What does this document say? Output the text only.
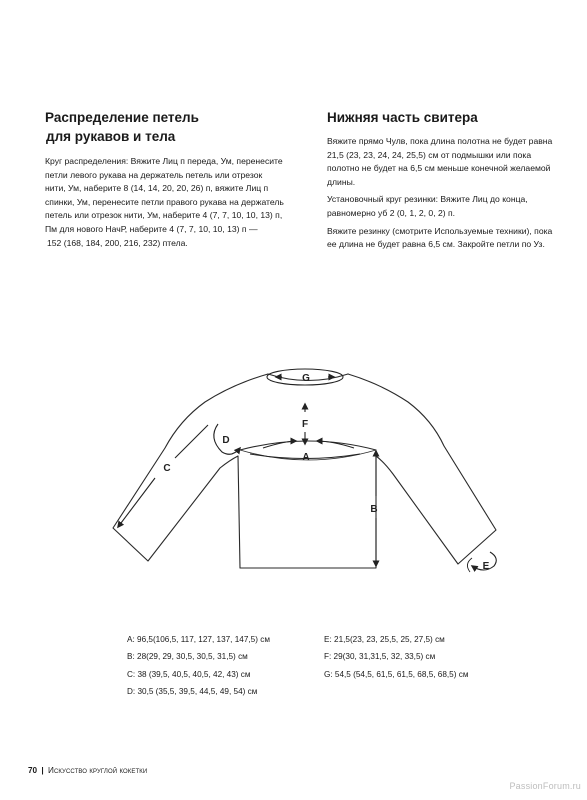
Распределение петель
для рукавов и тела

Круг распределения: Вяжите Лиц п переда, Ум, перенесите петли левого рукава на держатель петель или отрезок нити, Ум, наберите 8 (14, 14, 20, 20, 26) п, вяжите Лиц п спинки, Ум, перенесите петли правого рукава на держатель петель или отрезок нити, Ум, наберите 4 (7, 7, 10, 10, 13) п, Пм для нового НачР, наберите 4 (7, 7, 10, 10, 13) п —
152 (168, 184, 200, 216, 232) птела.

Нижняя часть свитера

Вяжите прямо Чулв, пока длина полотна не будет равна 21,5 (23, 23, 24, 24, 25,5) см от подмышки или пока полотно не будет на 6,5 см меньше конечной желаемой длины.

Установочный круг резинки: Вяжите Лиц до конца, равномерно уб 2 (0, 1, 2, 0, 2) п.

Вяжите резинку (смотрите Используемые техники), пока ее длина не будет равна 6,5 см. Закройте петли по Уз.

G
F
A
D
C
B
E
A: 96,5(106,5, 117, 127, 137, 147,5) см
B: 28(29, 29, 30,5, 30,5, 31,5) см
C: 38 (39,5, 40,5, 40,5, 42, 43) см
D: 30,5 (35,5, 39,5, 44,5, 49, 54) см
E: 21,5(23, 23, 25,5, 25, 27,5) см
F: 29(30, 31,31,5, 32, 33,5) см
G: 54,5 (54,5, 61,5, 61,5, 68,5, 68,5) см
70 | Искусство круглой кокетки
PassionForum.ru
